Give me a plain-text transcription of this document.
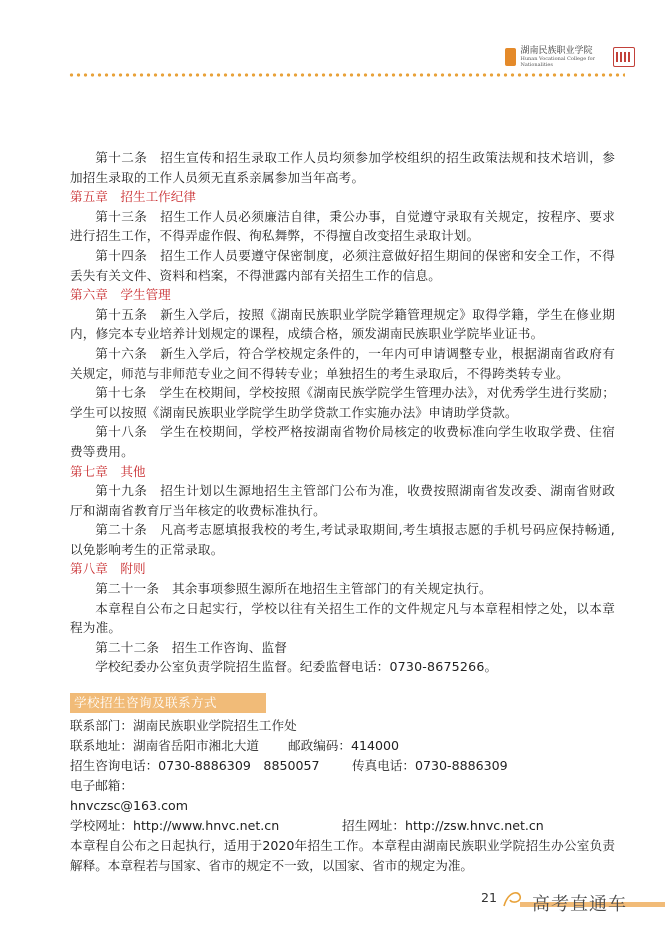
湖南民族职业学院
Hunan Vocational College for Nationalities

第十二条　招生宣传和招生录取工作人员均须参加学校组织的招生政策法规和技术培训，参加招生录取的工作人员须无直系亲属参加当年高考。

第五章　招生工作纪律

第十三条　招生工作人员必须廉洁自律，秉公办事，自觉遵守录取有关规定，按程序、要求进行招生工作，不得弄虚作假、徇私舞弊，不得擅自改变招生录取计划。

第十四条　招生工作人员要遵守保密制度，必须注意做好招生期间的保密和安全工作，不得丢失有关文件、资料和档案，不得泄露内部有关招生工作的信息。

第六章　学生管理

第十五条　新生入学后，按照《湖南民族职业学院学籍管理规定》取得学籍，学生在修业期内，修完本专业培养计划规定的课程，成绩合格，颁发湖南民族职业学院毕业证书。

第十六条　新生入学后，符合学校规定条件的，一年内可申请调整专业，根据湖南省政府有关规定，师范与非师范专业之间不得转专业；单独招生的考生录取后，不得跨类转专业。

第十七条　学生在校期间，学校按照《湖南民族学院学生管理办法》，对优秀学生进行奖励；学生可以按照《湖南民族职业学院学生助学贷款工作实施办法》申请助学贷款。

第十八条　学生在校期间，学校严格按湖南省物价局核定的收费标准向学生收取学费、住宿费等费用。

第七章　其他

第十九条　招生计划以生源地招生主管部门公布为准，收费按照湖南省发改委、湖南省财政厅和湖南省教育厅当年核定的收费标准执行。

第二十条　凡高考志愿填报我校的考生,考试录取期间,考生填报志愿的手机号码应保持畅通,以免影响考生的正常录取。

第八章　附则

第二十一条　其余事项参照生源所在地招生主管部门的有关规定执行。

本章程自公布之日起实行，学校以往有关招生工作的文件规定凡与本章程相悖之处，以本章程为准。

第二十二条　招生工作咨询、监督

学校纪委办公室负责学院招生监督。纪委监督电话：0730-8675266。

学校招生咨询及联系方式
联系部门：湖南民族职业学院招生工作处
联系地址：湖南省岳阳市湘北大道 邮政编码：414000
招生咨询电话：0730-8886309　8850057	传真电话：0730-8886309
电子邮箱：
hnvczsc@163.com
学校网址：http://www.hnvc.net.cn	招生网址：http://zsw.hnvc.net.cn

本章程自公布之日起执行，适用于2020年招生工作。本章程由湖南民族职业学院招生办公室负责解释。本章程若与国家、省市的规定不一致，以国家、省市的规定为准。

21 高考直通车
